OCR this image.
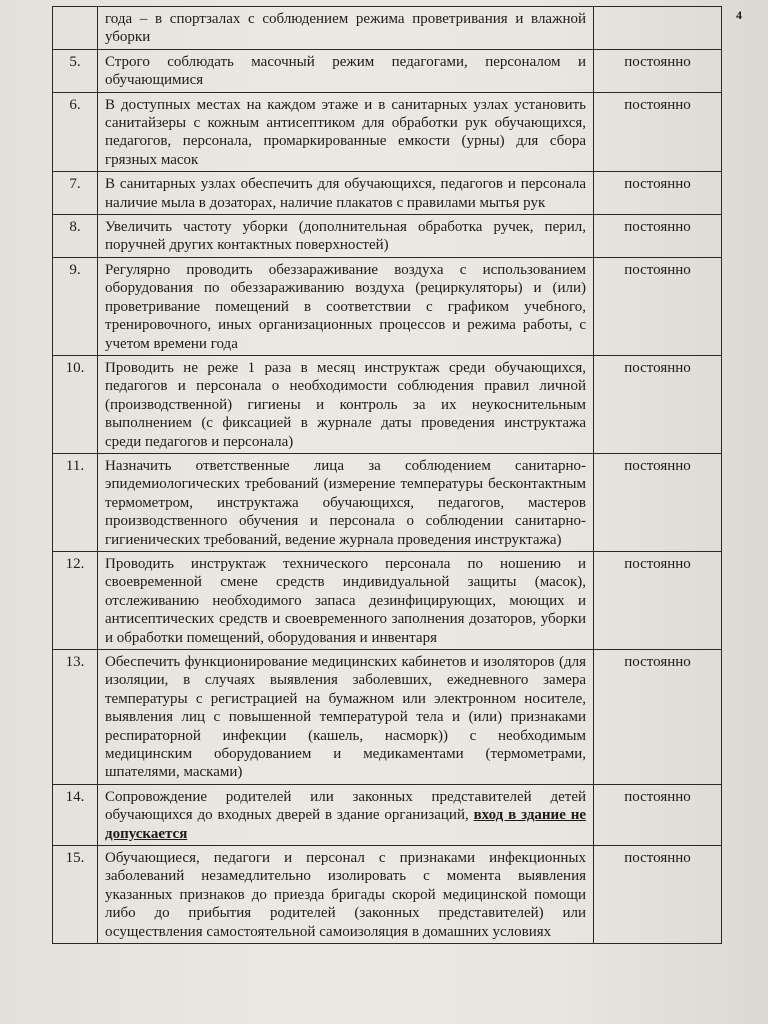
4
	года – в спортзалах с соблюдением режима проветривания и влажной уборки	
5.	Строго соблюдать масочный режим педагогами, персоналом и обучающимися	постоянно
6.	В доступных местах на каждом этаже и в санитарных узлах установить санитайзеры с кожным антисептиком для обработки рук обучающихся, педагогов, персонала, промаркированные емкости (урны) для сбора грязных масок	постоянно
7.	В санитарных узлах обеспечить для обучающихся, педагогов и персонала наличие мыла в дозаторах, наличие плакатов с правилами мытья рук	постоянно
8.	Увеличить частоту уборки (дополнительная обработка ручек, перил, поручней других контактных поверхностей)	постоянно
9.	Регулярно проводить обеззараживание воздуха с использованием оборудования по обеззараживанию воздуха (рециркуляторы) и (или) проветривание помещений в соответствии с графиком учебного, тренировочного, иных организационных процессов и режима работы, с учетом времени года	постоянно
10.	Проводить не реже 1 раза в месяц инструктаж среди обучающихся, педагогов и персонала о необходимости соблюдения правил личной (производственной) гигиены и контроль за их неукоснительным выполнением (с фиксацией в журнале даты проведения инструктажа среди педагогов и персонала)	постоянно
11.	Назначить ответственные лица за соблюдением санитарно-эпидемиологических требований (измерение температуры бесконтактным термометром, инструктажа обучающихся, педагогов, мастеров производственного обучения и персонала о соблюдении санитарно-гигиенических требований, ведение журнала проведения инструктажа)	постоянно
12.	Проводить инструктаж технического персонала по ношению и своевременной смене средств индивидуальной защиты (масок), отслеживанию необходимого запаса дезинфицирующих, моющих и антисептических средств и своевременного заполнения дозаторов, уборки и обработки помещений, оборудования и инвентаря	постоянно
13.	Обеспечить функционирование медицинских кабинетов и изоляторов (для изоляции, в случаях выявления заболевших, ежедневного замера температуры с регистрацией на бумажном или электронном носителе, выявления лиц с повышенной температурой тела и (или) признаками респираторной инфекции (кашель, насморк)) с необходимым медицинским оборудованием и медикаментами (термометрами, шпателями, масками)	постоянно
14.	Сопровождение родителей или законных представителей детей обучающихся до входных дверей в здание организаций, вход в здание не допускается	постоянно
15.	Обучающиеся, педагоги и персонал с признаками инфекционных заболеваний незамедлительно изолировать с момента выявления указанных признаков до приезда бригады скорой медицинской помощи либо до прибытия родителей (законных представителей) или осуществления самостоятельной самоизоляция в домашних условиях	постоянно
